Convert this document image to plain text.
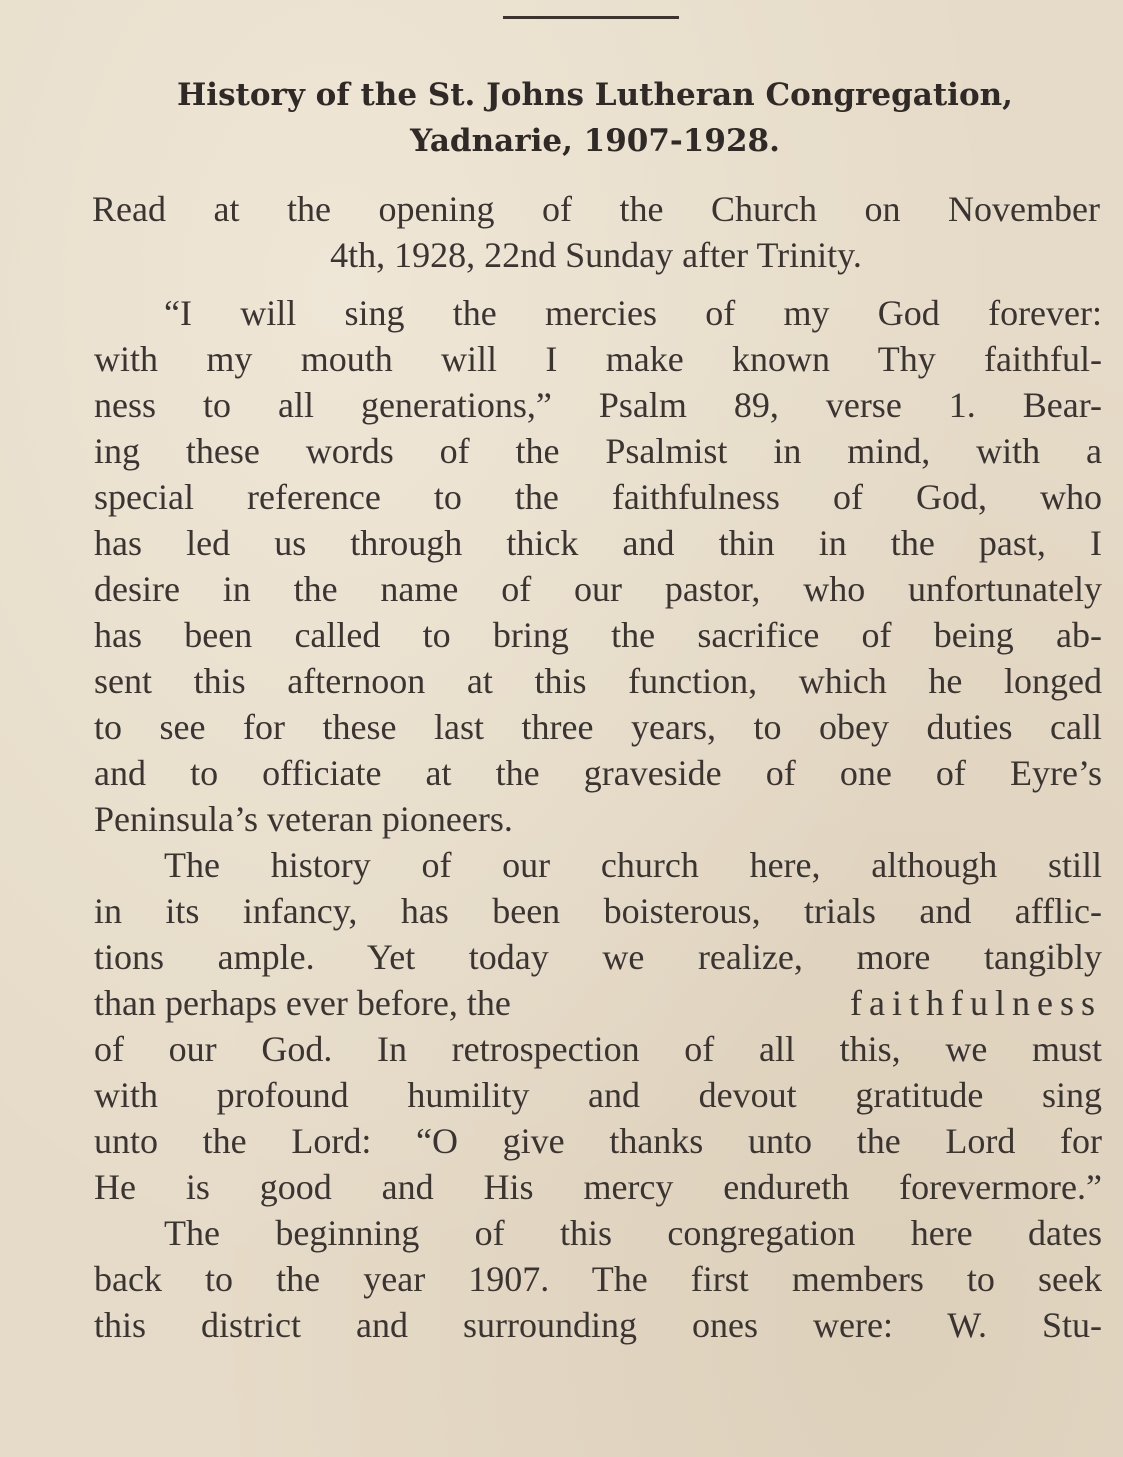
History of the St. Johns Lutheran Congregation,
Yadnarie, 1907-1928.
Read at the opening of the Church on November
4th, 1928, 22nd Sunday after Trinity.
“I will sing the mercies of my God forever:
with my mouth will I make known Thy faithful-
ness to all generations,” Psalm 89, verse 1. Bear-
ing these words of the Psalmist in mind, with a
special reference to the faithfulness of God, who
has led us through thick and thin in the past, I
desire in the name of our pastor, who unfortunately
has been called to bring the sacrifice of being ab-
sent this afternoon at this function, which he longed
to see for these last three years, to obey duties call
and to officiate at the graveside of one of Eyre’s
Peninsula’s veteran pioneers.
The history of our church here, although still
in its infancy, has been boisterous, trials and afflic-
tions ample. Yet today we realize, more tangibly
than perhaps ever before, the	faithfulness
of our God. In retrospection of all this, we must
with profound humility and devout gratitude sing
unto the Lord: “O give thanks unto the Lord for
He is good and His mercy endureth forevermore.”
The beginning of this congregation here dates
back to the year 1907. The first members to seek
this district and surrounding ones were: W. Stu-
